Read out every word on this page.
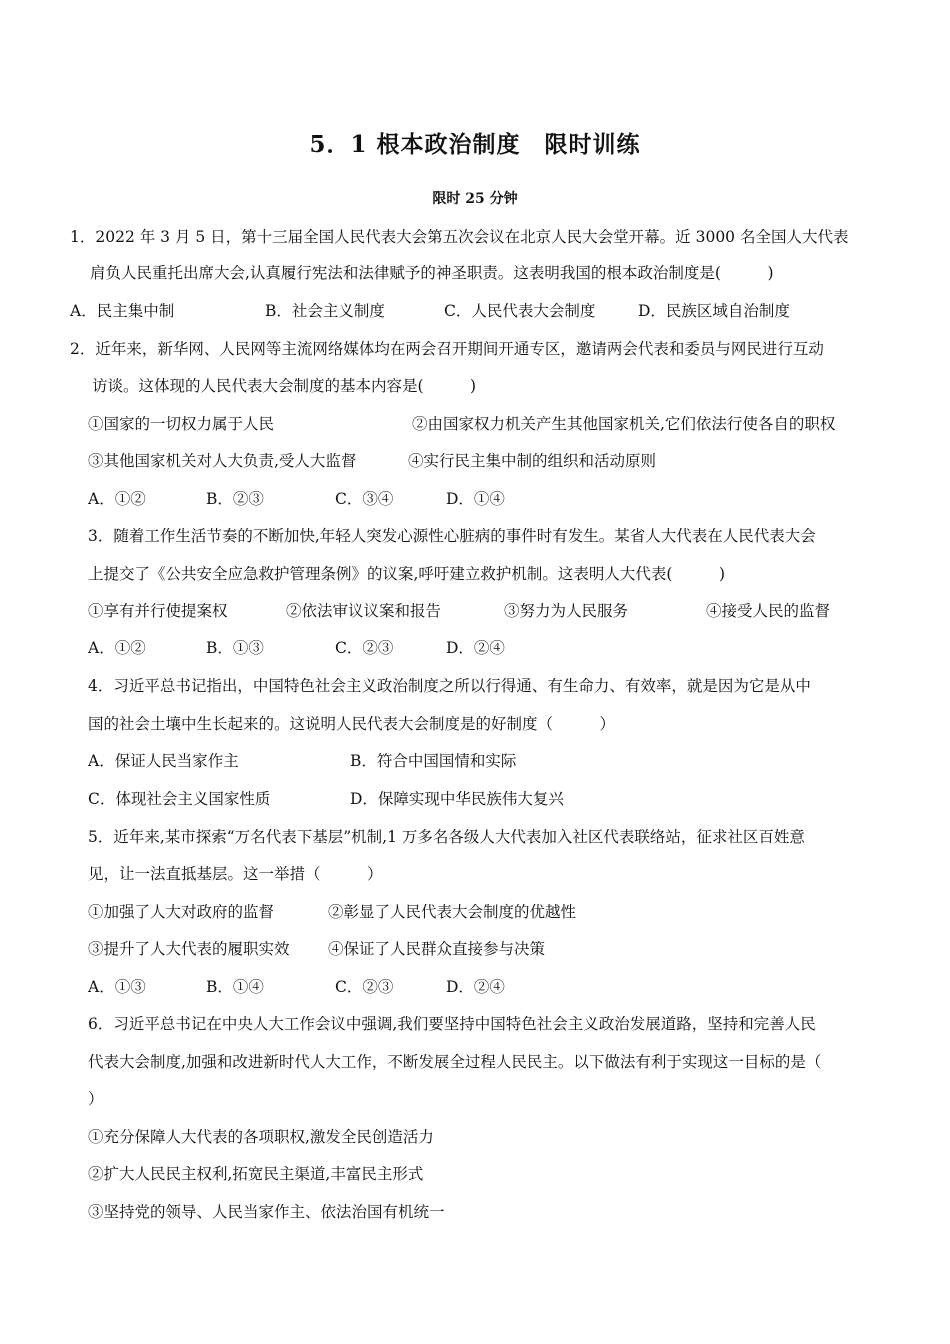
5．1 根本政治制度　限时训练
限时 25 分钟
1．2022 年 3 月 5 日，第十三届全国人民代表大会第五次会议在北京人民大会堂开幕。近 3000 名全国人大代表
肩负人民重托出席大会,认真履行宪法和法律赋予的神圣职责。这表明我国的根本政治制度是(　　　)
A．民主集中制	B．社会主义制度	C．人民代表大会制度	D．民族区域自治制度
2．近年来，新华网、人民网等主流网络媒体均在两会召开期间开通专区，邀请两会代表和委员与网民进行互动
访谈。这体现的人民代表大会制度的基本内容是(　　　)
①国家的一切权力属于人民	②由国家权力机关产生其他国家机关,它们依法行使各自的职权
③其他国家机关对人大负责,受人大监督	④实行民主集中制的组织和活动原则
A．①②	B．②③	C．③④	D．①④
3．随着工作生活节奏的不断加快,年轻人突发心源性心脏病的事件时有发生。某省人大代表在人民代表大会
上提交了《公共安全应急救护管理条例》的议案,呼吁建立救护机制。这表明人大代表(　　　)
①享有并行使提案权	②依法审议议案和报告	③努力为人民服务	④接受人民的监督
A．①②	B．①③	C．②③	D．②④
4．习近平总书记指出，中国特色社会主义政治制度之所以行得通、有生命力、有效率，就是因为它是从中
国的社会土壤中生长起来的。这说明人民代表大会制度是的好制度（　　　）
A．保证人民当家作主	B．符合中国国情和实际
C．体现社会主义国家性质	D．保障实现中华民族伟大复兴
5．近年来,某市探索“万名代表下基层”机制,1 万多名各级人大代表加入社区代表联络站，征求社区百姓意
见，让一法直抵基层。这一举措（　　　）
①加强了人大对政府的监督	②彰显了人民代表大会制度的优越性
③提升了人大代表的履职实效 ④保证了人民群众直接参与决策
A．①③	B．①④	C．②③	D．②④
6．习近平总书记在中央人大工作会议中强调,我们要坚持中国特色社会主义政治发展道路，坚持和完善人民
代表大会制度,加强和改进新时代人大工作，不断发展全过程人民民主。以下做法有利于实现这一目标的是（
）
①充分保障人大代表的各项职权,激发全民创造活力
②扩大人民民主权利,拓宽民主渠道,丰富民主形式
③坚持党的领导、人民当家作主、依法治国有机统一
